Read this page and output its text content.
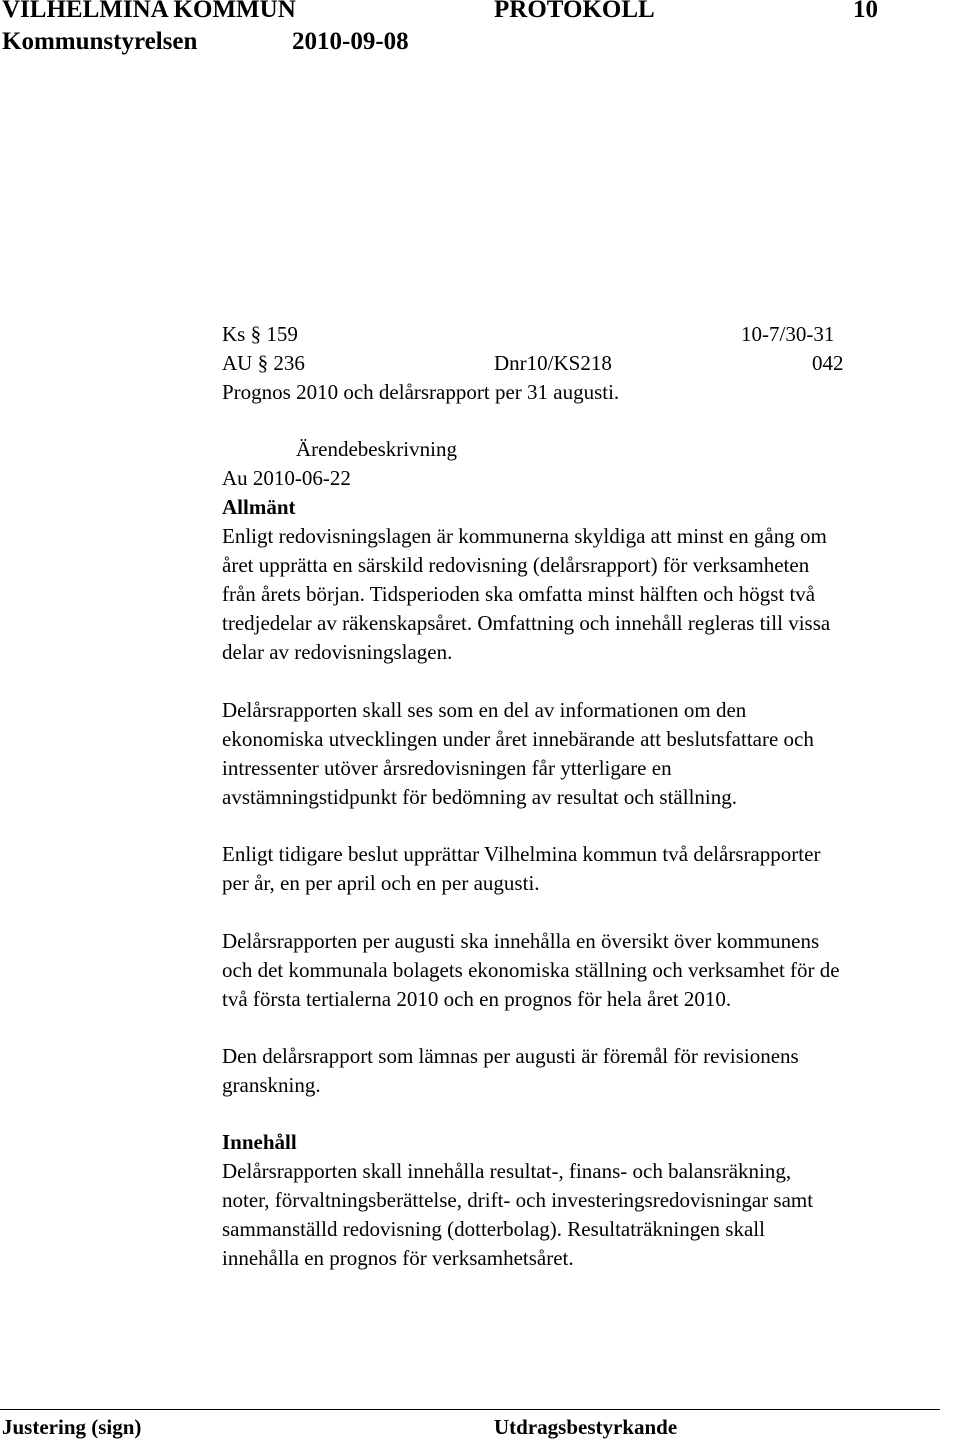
VILHELMINA KOMMUN	PROTOKOLL	10
Kommunstyrelsen	2010-09-08
Ks § 159	10-7/30-31
AU § 236	Dnr10/KS218	042
Prognos 2010 och delårsrapport per 31 augusti.
Ärendebeskrivning
Au 2010-06-22

Allmänt

Enligt redovisningslagen är kommunerna skyldiga att minst en gång om

året upprätta en särskild redovisning (delårsrapport) för verksamheten

från årets början. Tidsperioden ska omfatta minst hälften och högst två

tredjedelar av räkenskapsåret. Omfattning och innehåll regleras till vissa

delar av redovisningslagen.

Delårsrapporten skall ses som en del av informationen om den

ekonomiska utvecklingen under året innebärande att beslutsfattare och

intressenter utöver årsredovisningen får ytterligare en

avstämningstidpunkt för bedömning av resultat och ställning.

Enligt tidigare beslut upprättar Vilhelmina kommun två delårsrapporter

per år, en per april och en per augusti.

Delårsrapporten per augusti ska innehålla en översikt över kommunens

och det kommunala bolagets ekonomiska ställning och verksamhet för de

två första tertialerna 2010 och en prognos för hela året 2010.

Den delårsrapport som lämnas per augusti är föremål för revisionens

granskning.

Innehåll

Delårsrapporten skall innehålla resultat-, finans- och balansräkning,

noter, förvaltningsberättelse, drift- och investeringsredovisningar samt

sammanställd redovisning (dotterbolag). Resultaträkningen skall

innehålla en prognos för verksamhetsåret.

Justering (sign)	Utdragsbestyrkande
